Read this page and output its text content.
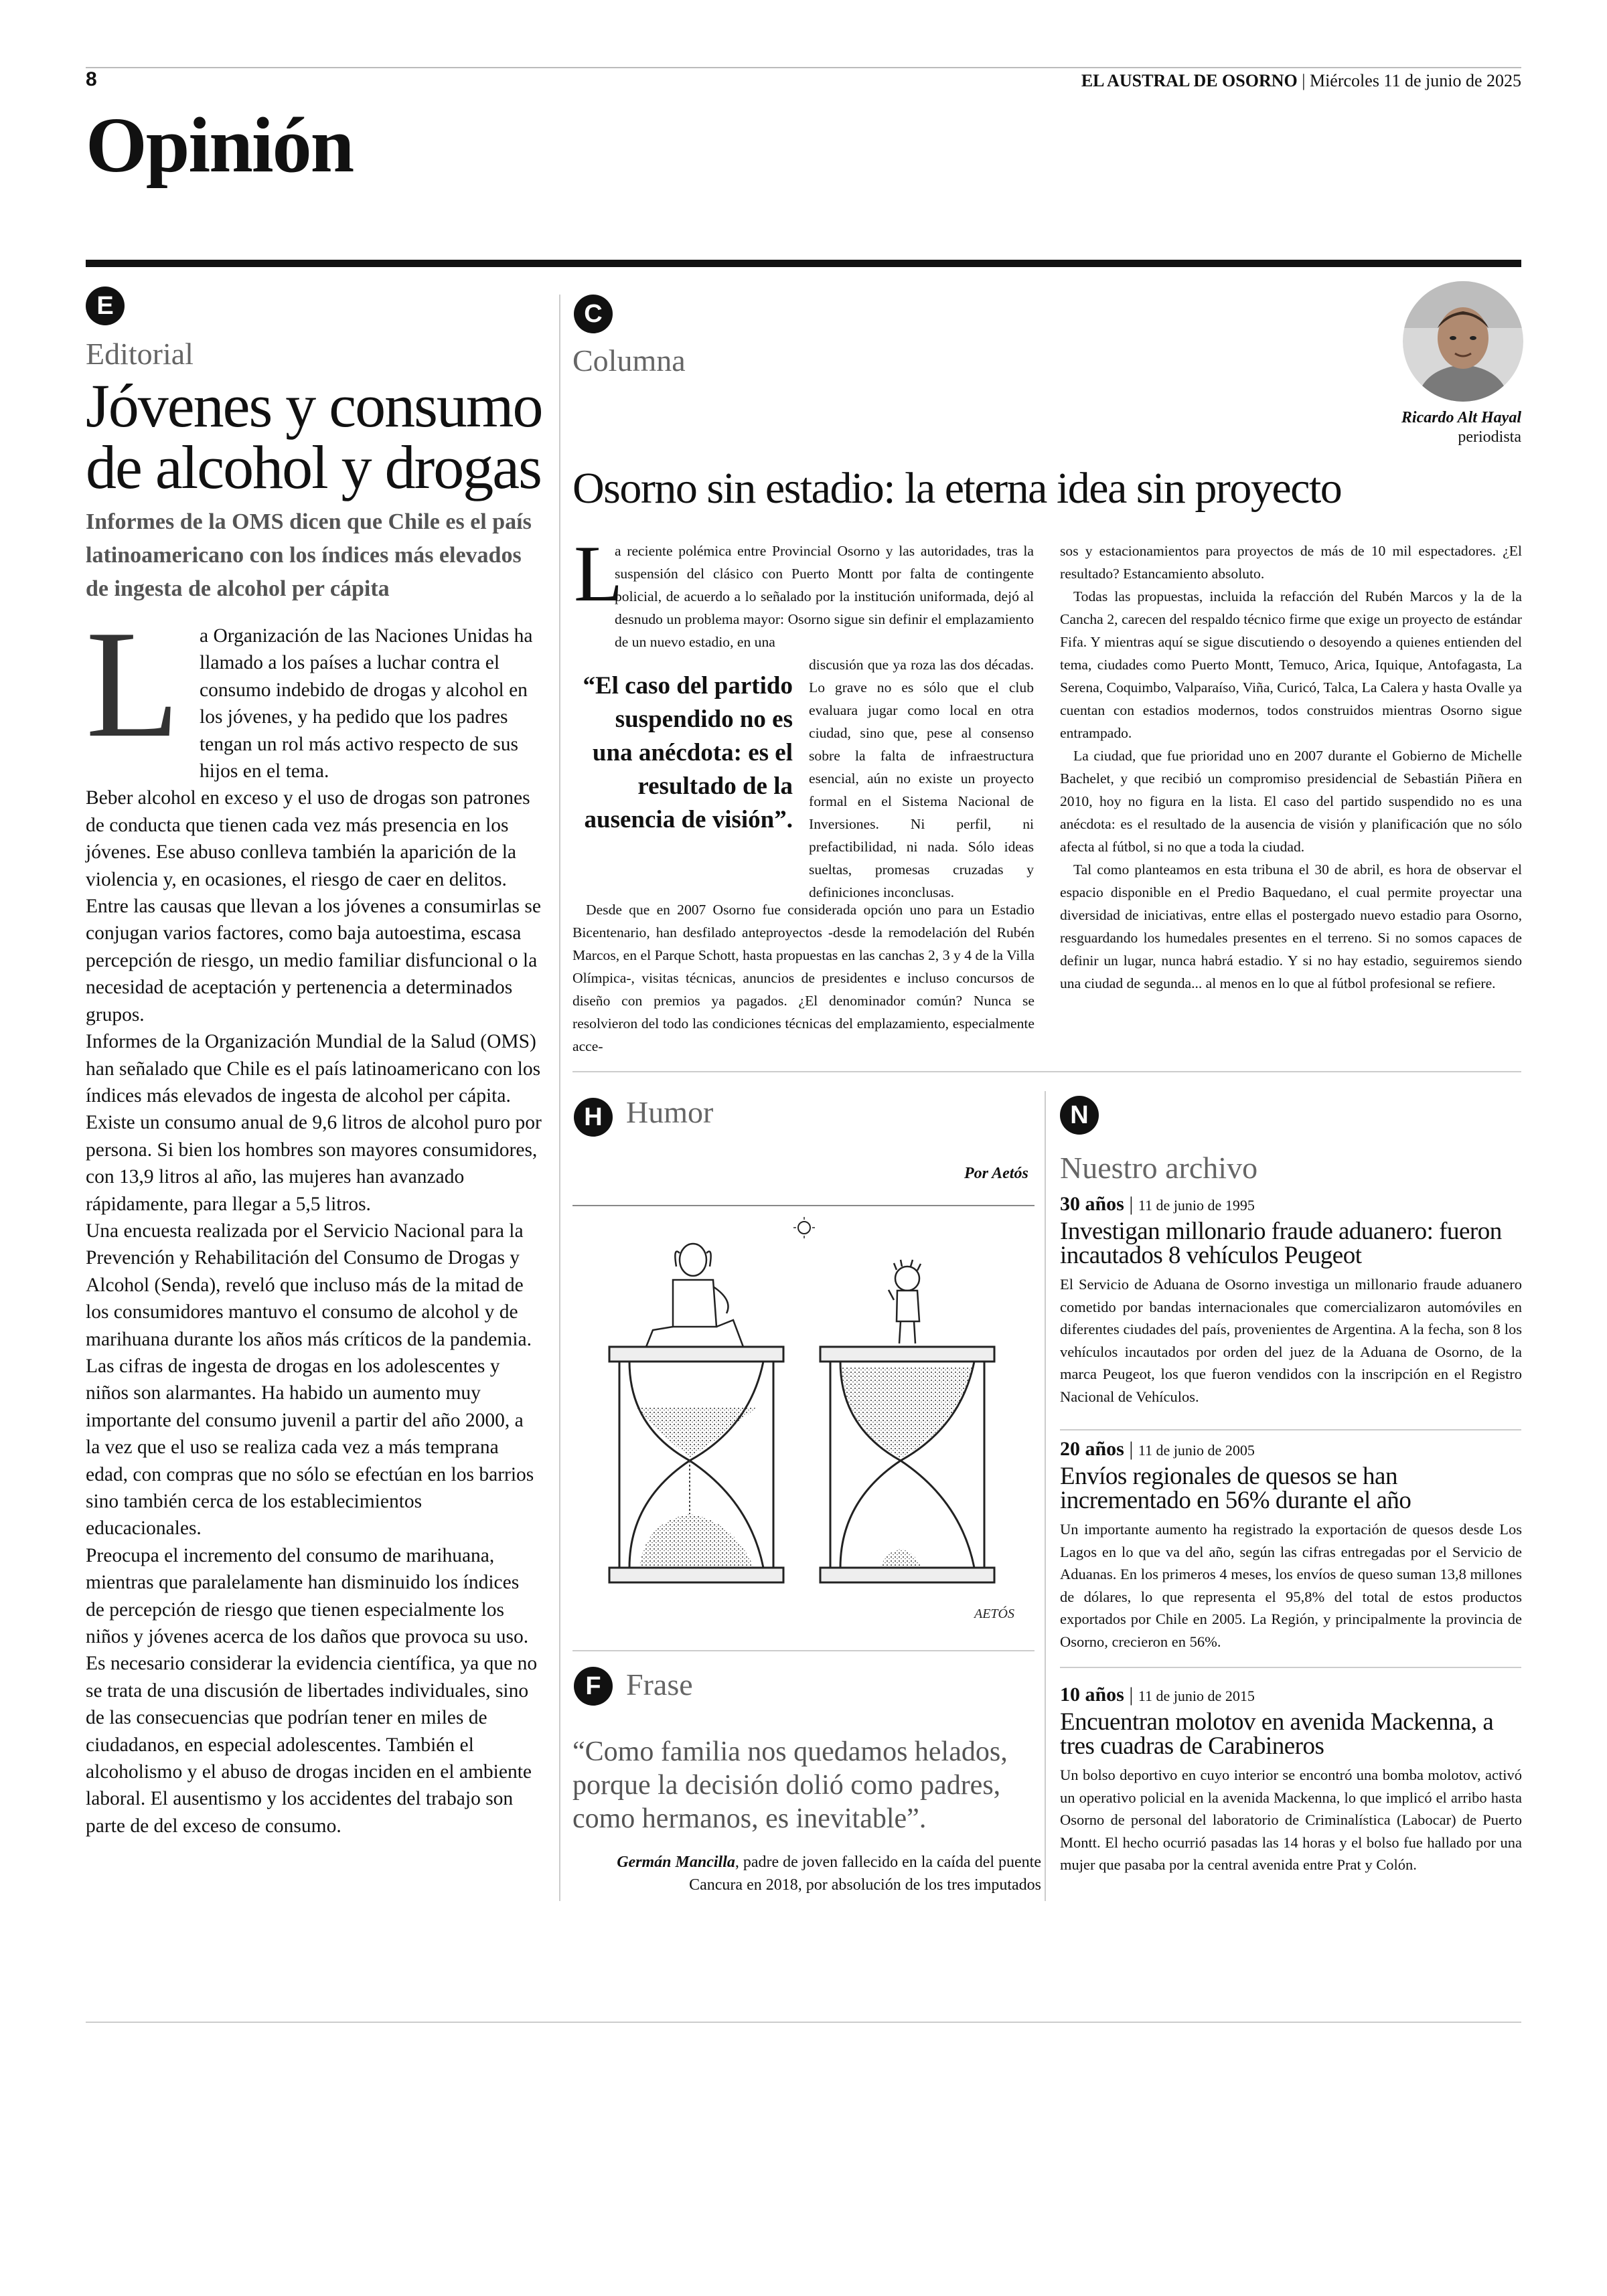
8	EL AUSTRAL DE OSORNO | Miércoles 11 de junio de 2025
Opinión
E
Editorial
Jóvenes y consumo
de alcohol y drogas
Informes de la OMS dicen que Chile es el país latinoamericano con los índices más elevados de ingesta de alcohol per cápita
L	a Organización de las Naciones Unidas ha llamado a los países a luchar contra el consumo indebido de drogas y alcohol en los jóvenes, y ha pedido que los padres tengan un rol más activo respecto de sus hijos en el tema.

Beber alcohol en exceso y el uso de drogas son patrones de conducta que tienen cada vez más presencia en los jóvenes. Ese abuso conlleva también la aparición de la violencia y, en ocasiones, el riesgo de caer en delitos. Entre las causas que llevan a los jóvenes a consumirlas se conjugan varios factores, como baja autoestima, escasa percepción de riesgo, un medio familiar disfuncional o la necesidad de aceptación y pertenencia a determinados grupos.

Informes de la Organización Mundial de la Salud (OMS) han señalado que Chile es el país latinoamericano con los índices más elevados de ingesta de alcohol per cápita. Existe un consumo anual de 9,6 litros de alcohol puro por persona. Si bien los hombres son mayores consumidores, con 13,9 litros al año, las mujeres han avanzado rápidamente, para llegar a 5,5 litros.

Una encuesta realizada por el Servicio Nacional para la Prevención y Rehabilitación del Consumo de Drogas y Alcohol (Senda), reveló que incluso más de la mitad de los consumidores mantuvo el consumo de alcohol y de marihuana durante los años más críticos de la pandemia.

Las cifras de ingesta de drogas en los adolescentes y niños son alarmantes. Ha habido un aumento muy importante del consumo juvenil a partir del año 2000, a la vez que el uso se realiza cada vez a más temprana edad, con compras que no sólo se efectúan en los barrios sino también cerca de los establecimientos educacionales.

Preocupa el incremento del consumo de marihuana, mientras que paralelamente han disminuido los índices de percepción de riesgo que tienen especialmente los niños y jóvenes acerca de los daños que provoca su uso. Es necesario considerar la evidencia científica, ya que no se trata de una discusión de libertades individuales, sino de las consecuencias que podrían tener en miles de ciudadanos, en especial adolescentes. También el alcoholismo y el abuso de drogas inciden en el ambiente laboral. El ausentismo y los accidentes del trabajo son parte de del exceso de consumo.

C
Columna
Ricardo Alt Hayal
periodista
Osorno sin estadio: la eterna idea sin proyecto
L

a reciente polémica entre Provincial Osorno y las autoridades, tras la suspensión del clásico con Puerto Montt por falta de contingente policial, de acuerdo a lo señalado por la institución uniformada, dejó al desnudo un problema mayor: Osorno sigue sin definir el emplazamiento de un nuevo estadio, en una

“El caso del partido suspendido no es una anécdota: es el resultado de la ausencia de visión”.

discusión que ya roza las dos décadas. Lo grave no es sólo que el club evaluara jugar como local en otra ciudad, sino que, pese al consenso sobre la falta de infraestructura esencial, aún no existe un proyecto formal en el Sistema Nacional de Inversiones. Ni perfil, ni prefactibilidad, ni nada. Sólo ideas sueltas, promesas cruzadas y definiciones inconclusas.

Desde que en 2007 Osorno fue considerada opción uno para un Estadio Bicentenario, han desfilado anteproyectos -desde la remodelación del Rubén Marcos, en el Parque Schott, hasta propuestas en las canchas 2, 3 y 4 de la Villa Olímpica-, visitas técnicas, anuncios de presidentes e incluso concursos de diseño con premios ya pagados. ¿El denominador común? Nunca se resolvieron del todo las condiciones técnicas del emplazamiento, especialmente acce-

sos y estacionamientos para proyectos de más de 10 mil espectadores. ¿El resultado? Estancamiento absoluto.

Todas las propuestas, incluida la refacción del Rubén Marcos y la de la Cancha 2, carecen del respaldo técnico firme que exige un proyecto de estándar Fifa. Y mientras aquí se sigue discutiendo o desoyendo a quienes entienden del tema, ciudades como Puerto Montt, Temuco, Arica, Iquique, Antofagasta, La Serena, Coquimbo, Valparaíso, Viña, Curicó, Talca, La Calera y hasta Ovalle ya cuentan con estadios modernos, todos construidos mientras Osorno sigue entrampado.

La ciudad, que fue prioridad uno en 2007 durante el Gobierno de Michelle Bachelet, y que recibió un compromiso presidencial de Sebastián Piñera en 2010, hoy no figura en la lista. El caso del partido suspendido no es una anécdota: es el resultado de la ausencia de visión y planificación que no sólo afecta al fútbol, si no que a toda la ciudad.

Tal como planteamos en esta tribuna el 30 de abril, es hora de observar el espacio disponible en el Predio Baquedano, el cual permite proyectar una diversidad de iniciativas, entre ellas el postergado nuevo estadio para Osorno, resguardando los humedales presentes en el terreno. Si no somos capaces de definir un lugar, nunca habrá estadio. Y si no hay estadio, seguiremos siendo una ciudad de segunda... al menos en lo que al fútbol profesional se refiere.

H Humor
Por Aetós
AETÓS
F Frase
“Como familia nos quedamos helados, porque la decisión dolió como padres, como hermanos, es inevitable”.
Germán Mancilla, padre de joven fallecido en la caída del puente Cancura en 2018, por absolución de los tres imputados
N
Nuestro archivo
30 años | 11 de junio de 1995
Investigan millonario fraude aduanero: fueron incautados 8 vehículos Peugeot

El Servicio de Aduana de Osorno investiga un millonario fraude aduanero cometido por bandas internacionales que comercializaron automóviles en diferentes ciudades del país, provenientes de Argentina. A la fecha, son 8 los vehículos incautados por orden del juez de la Aduana de Osorno, de la marca Peugeot, los que fueron vendidos con la inscripción en el Registro Nacional de Vehículos.

20 años | 11 de junio de 2005
Envíos regionales de quesos se han incrementado en 56% durante el año

Un importante aumento ha registrado la exportación de quesos desde Los Lagos en lo que va del año, según las cifras entregadas por el Servicio de Aduanas. En los primeros 4 meses, los envíos de queso suman 13,8 millones de dólares, lo que representa el 95,8% del total de estos productos exportados por Chile en 2005. La Región, y principalmente la provincia de Osorno, crecieron en 56%.

10 años | 11 de junio de 2015
Encuentran molotov en avenida Mackenna, a tres cuadras de Carabineros

Un bolso deportivo en cuyo interior se encontró una bomba molotov, activó un operativo policial en la avenida Mackenna, lo que implicó el arribo hasta Osorno de personal del laboratorio de Criminalística (Labocar) de Puerto Montt. El hecho ocurrió pasadas las 14 horas y el bolso fue hallado por una mujer que pasaba por la central avenida entre Prat y Colón.
